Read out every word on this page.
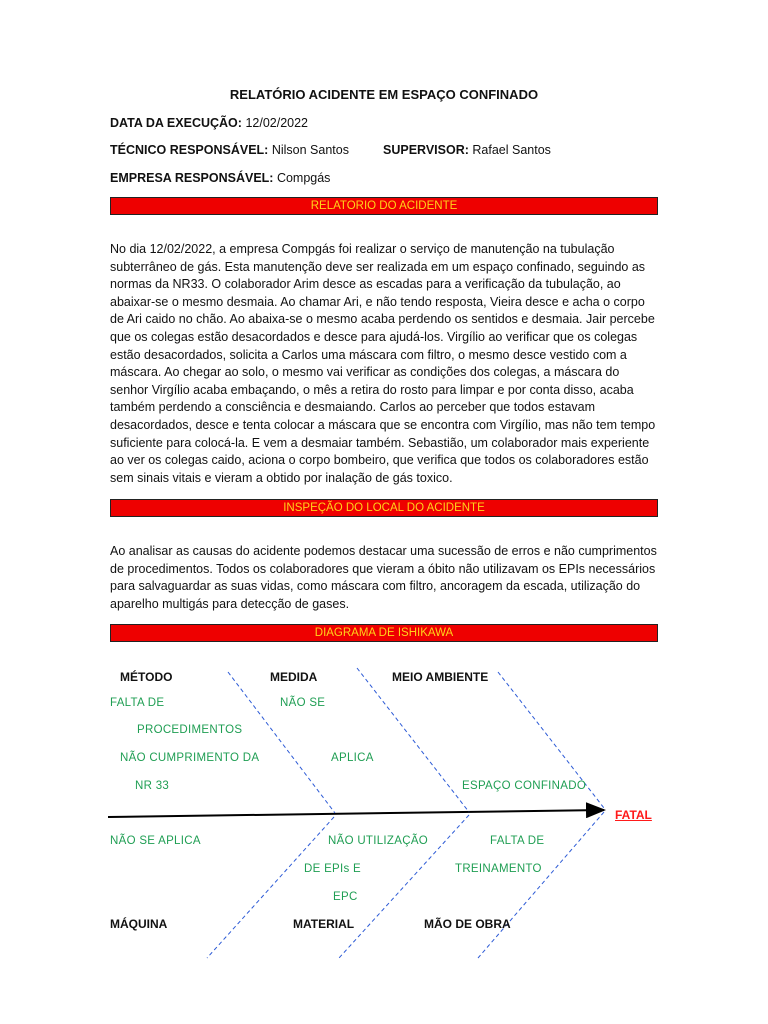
RELATÓRIO ACIDENTE EM ESPAÇO CONFINADO
DATA DA EXECUÇÃO: 12/02/2022
TÉCNICO RESPONSÁVEL: Nilson Santos	SUPERVISOR: Rafael Santos
EMPRESA RESPONSÁVEL: Compgás
RELATORIO DO ACIDENTE

No dia 12/02/2022, a empresa Compgás foi realizar o serviço de manutenção na tubulação subterrâneo de gás. Esta manutenção deve ser realizada em um espaço confinado, seguindo as normas da NR33. O colaborador Arim desce as escadas para a verificação da tubulação, ao abaixar-se o mesmo desmaia. Ao chamar Ari, e não tendo resposta, Vieira desce e acha o corpo de Ari caido no chão. Ao abaixa-se o mesmo acaba perdendo os sentidos e desmaia. Jair percebe que os colegas estão desacordados e desce para ajudá-los. Virgílio ao verificar que os colegas estão desacordados, solicita a Carlos uma máscara com filtro, o mesmo desce vestido com a máscara. Ao chegar ao solo, o mesmo vai verificar as condições dos colegas, a máscara do senhor Virgílio acaba embaçando, o mês a retira do rosto para limpar e por conta disso, acaba também perdendo a consciência e desmaiando. Carlos ao perceber que todos estavam desacordados, desce e tenta colocar a máscara que se encontra com Virgílio, mas não tem tempo suficiente para colocá-la. E vem a desmaiar também. Sebastião, um colaborador mais experiente ao ver os colegas caido, aciona o corpo bombeiro, que verifica que todos os colaboradores estão sem sinais vitais e vieram a obtido por inalação de gás toxico.

INSPEÇÃO DO LOCAL DO ACIDENTE

Ao analisar as causas do acidente podemos destacar uma sucessão de erros e não cumprimentos de procedimentos. Todos os colaboradores que vieram a óbito não utilizavam os EPIs necessários para salvaguardar as suas vidas, como máscara com filtro, ancoragem da escada, utilização do aparelho multigás para detecção de gases.

DIAGRAMA DE ISHIKAWA
MÉTODO	MEDIDA	MEIO AMBIENTE
MÁQUINA	MATERIAL	MÃO DE OBRA
FALTA DE
PROCEDIMENTOS
NÃO CUMPRIMENTO DA
NR 33
NÃO SE
APLICA
ESPAÇO CONFINADO
NÃO SE APLICA	NÃO UTILIZAÇÃO
DE EPIs E
EPC
FALTA DE
TREINAMENTO
FATAL
